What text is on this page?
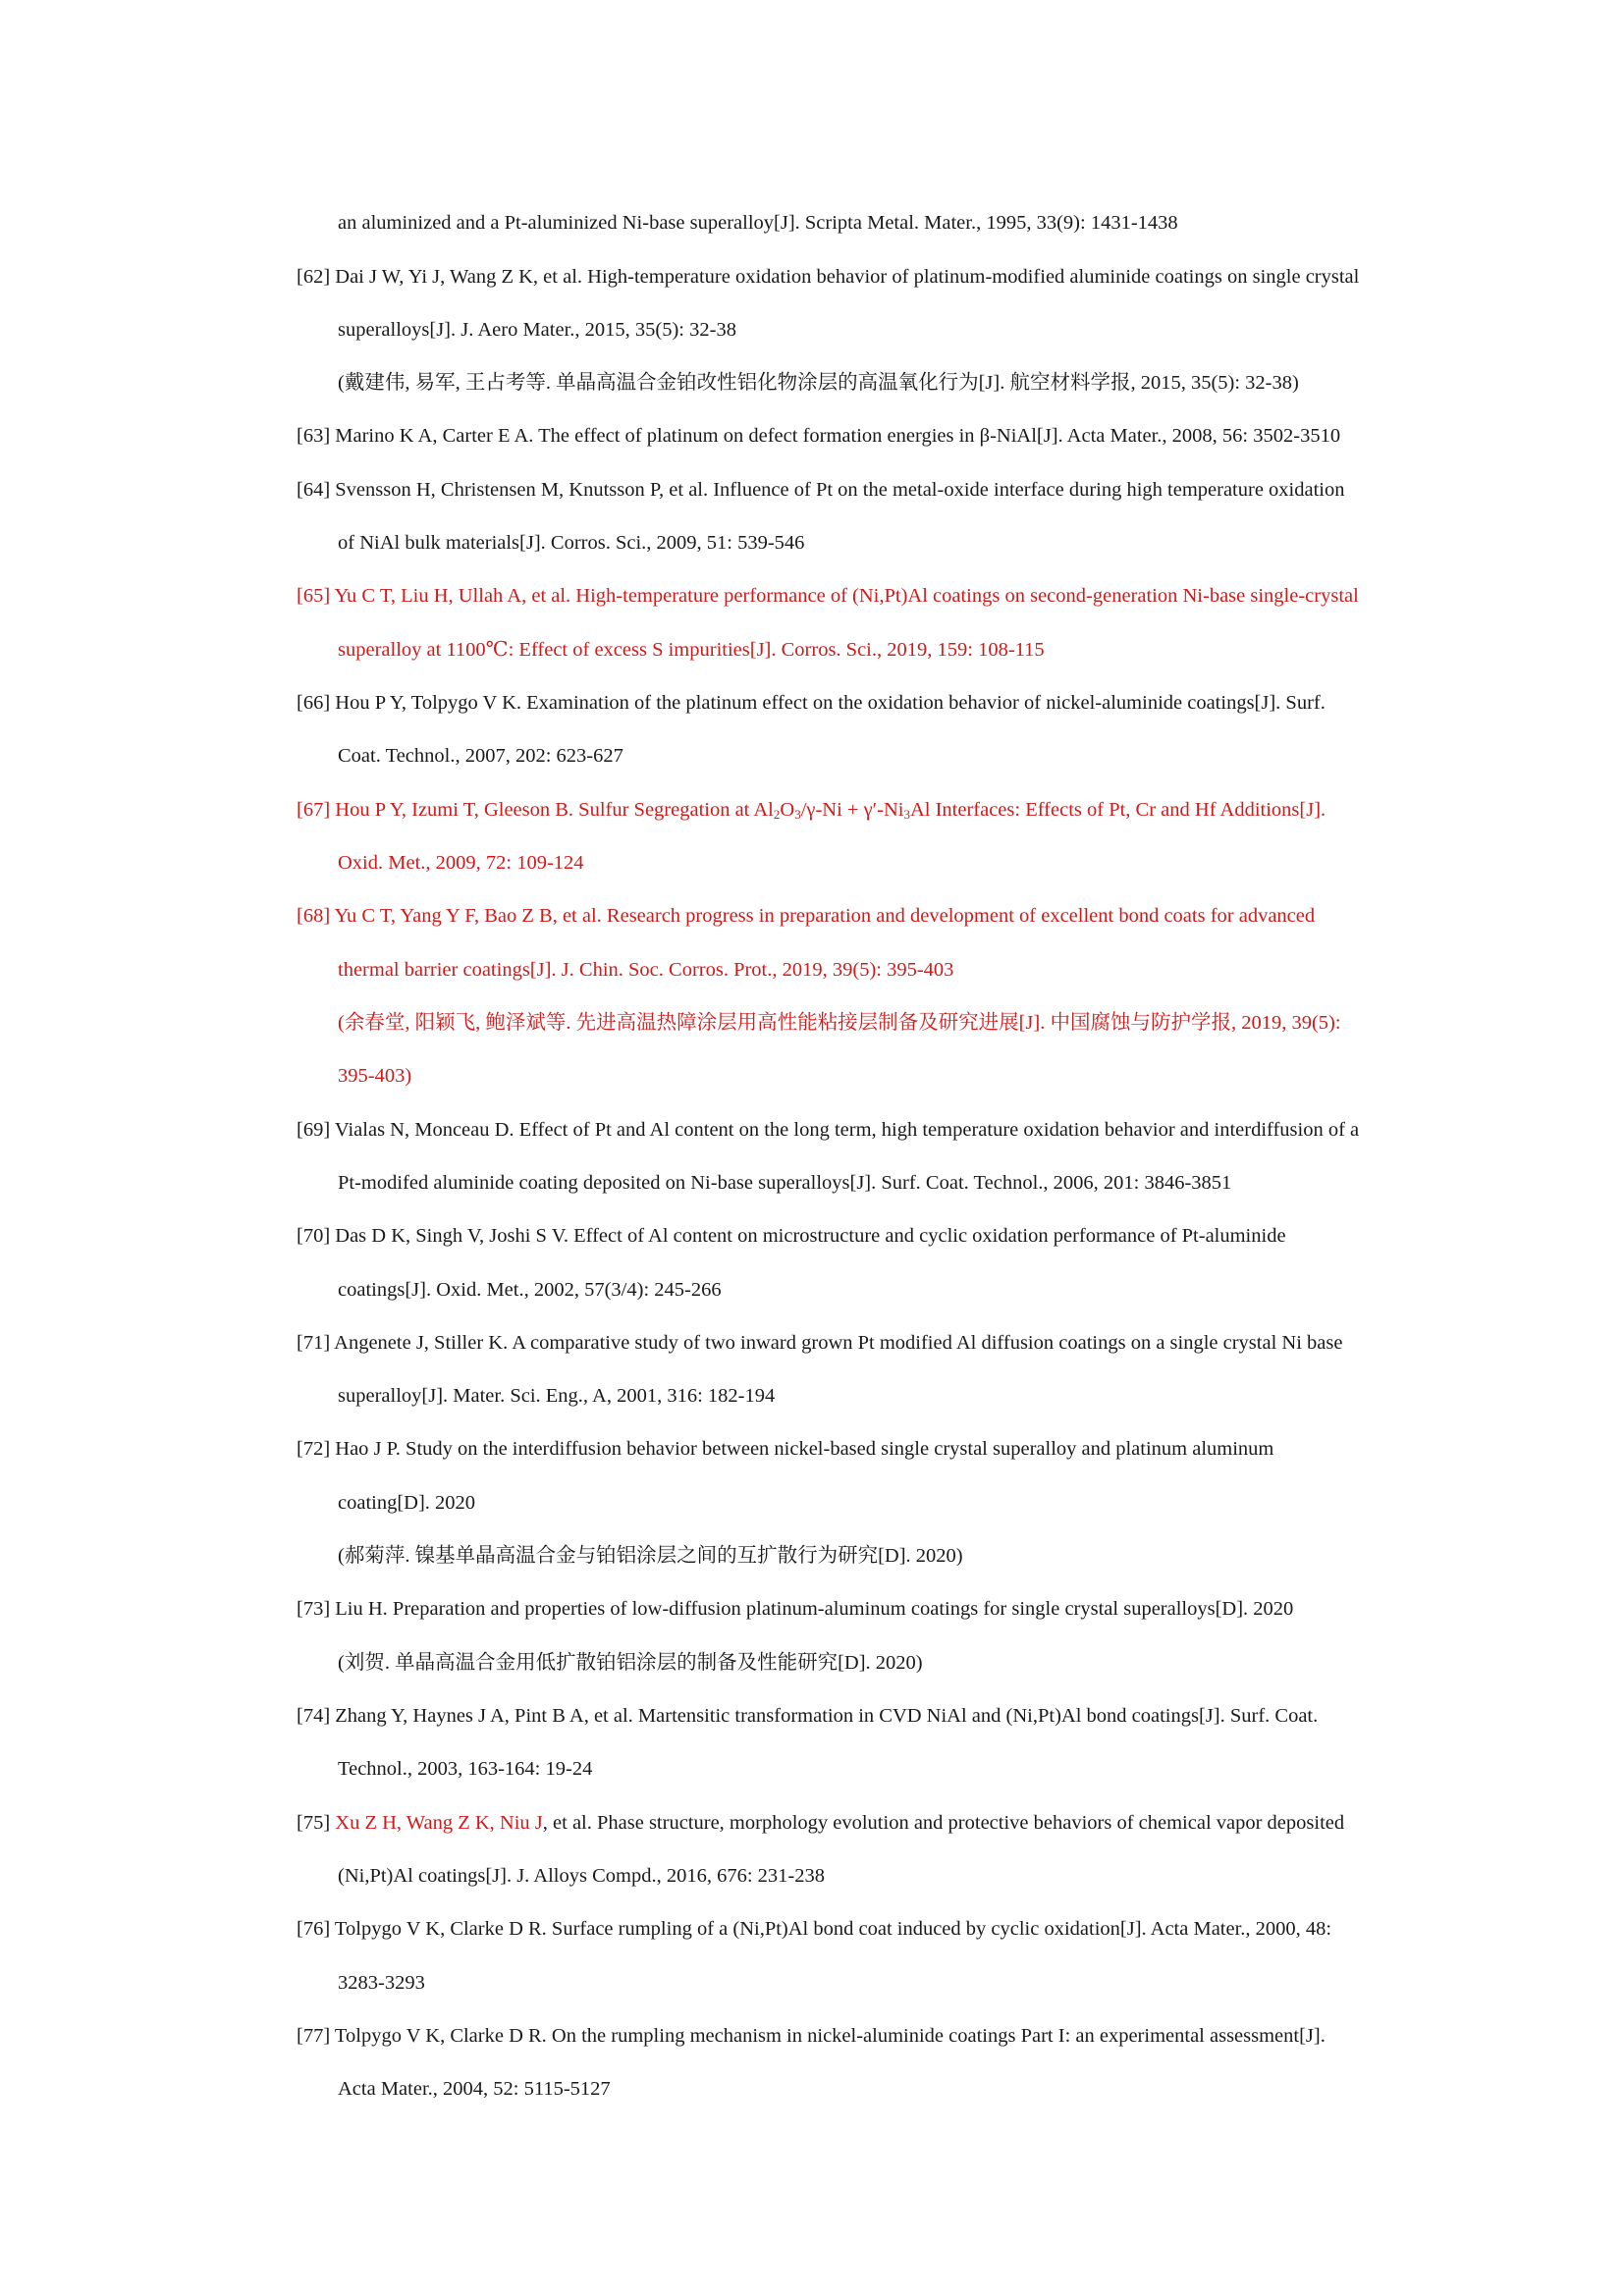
an aluminized and a Pt-aluminized Ni-base superalloy[J]. Scripta Metal. Mater., 1995, 33(9): 1431-1438
[62] Dai J W, Yi J, Wang Z K, et al. High-temperature oxidation behavior of platinum-modified aluminide coatings on single crystal
superalloys[J]. J. Aero Mater., 2015, 35(5): 32-38
(戴建伟, 易军, 王占考等. 单晶高温合金铂改性铝化物涂层的高温氧化行为[J]. 航空材料学报, 2015, 35(5): 32-38)
[63] Marino K A, Carter E A. The effect of platinum on defect formation energies in β-NiAl[J]. Acta Mater., 2008, 56: 3502-3510
[64] Svensson H, Christensen M, Knutsson P, et al. Influence of Pt on the metal-oxide interface during high temperature oxidation
of NiAl bulk materials[J]. Corros. Sci., 2009, 51: 539-546
[65] Yu C T, Liu H, Ullah A, et al. High-temperature performance of (Ni,Pt)Al coatings on second-generation Ni-base single-crystal
superalloy at 1100℃: Effect of excess S impurities[J]. Corros. Sci., 2019, 159: 108-115
[66] Hou P Y, Tolpygo V K. Examination of the platinum effect on the oxidation behavior of nickel-aluminide coatings[J]. Surf.
Coat. Technol., 2007, 202: 623-627
[67] Hou P Y, Izumi T, Gleeson B. Sulfur Segregation at $Al_2O_3/\gamma-Ni + \gamma'-Ni_3Al$ Interfaces: Effects of Pt, Cr and Hf Additions[J].
Oxid. Met., 2009, 72: 109-124
[68] Yu C T, Yang Y F, Bao Z B, et al. Research progress in preparation and development of excellent bond coats for advanced
thermal barrier coatings[J]. J. Chin. Soc. Corros. Prot., 2019, 39(5): 395-403
(余春堂, 阳颖飞, 鲍泽斌等. 先进高温热障涂层用高性能粘接层制备及研究进展[J]. 中国腐蚀与防护学报, 2019, 39(5):
395-403)
[69] Vialas N, Monceau D. Effect of Pt and Al content on the long term, high temperature oxidation behavior and interdiffusion of a
Pt-modifed aluminide coating deposited on Ni-base superalloys[J]. Surf. Coat. Technol., 2006, 201: 3846-3851
[70] Das D K, Singh V, Joshi S V. Effect of Al content on microstructure and cyclic oxidation performance of Pt-aluminide
coatings[J]. Oxid. Met., 2002, 57(3/4): 245-266
[71] Angenete J, Stiller K. A comparative study of two inward grown Pt modified Al diffusion coatings on a single crystal Ni base
superalloy[J]. Mater. Sci. Eng., A, 2001, 316: 182-194
[72] Hao J P. Study on the interdiffusion behavior between nickel-based single crystal superalloy and platinum aluminum
coating[D]. 2020
(郝菊萍. 镍基单晶高温合金与铂铝涂层之间的互扩散行为研究[D]. 2020)
[73] Liu H. Preparation and properties of low-diffusion platinum-aluminum coatings for single crystal superalloys[D]. 2020
(刘贺. 单晶高温合金用低扩散铂铝涂层的制备及性能研究[D]. 2020)
[74] Zhang Y, Haynes J A, Pint B A, et al. Martensitic transformation in CVD NiAl and (Ni,Pt)Al bond coatings[J]. Surf. Coat.
Technol., 2003, 163-164: 19-24
[75] Xu Z H, Wang Z K, Niu J, et al. Phase structure, morphology evolution and protective behaviors of chemical vapor deposited
(Ni,Pt)Al coatings[J]. J. Alloys Compd., 2016, 676: 231-238
[76] Tolpygo V K, Clarke D R. Surface rumpling of a (Ni,Pt)Al bond coat induced by cyclic oxidation[J]. Acta Mater., 2000, 48:
3283-3293
[77] Tolpygo V K, Clarke D R. On the rumpling mechanism in nickel-aluminide coatings Part I: an experimental assessment[J].
Acta Mater., 2004, 52: 5115-5127
